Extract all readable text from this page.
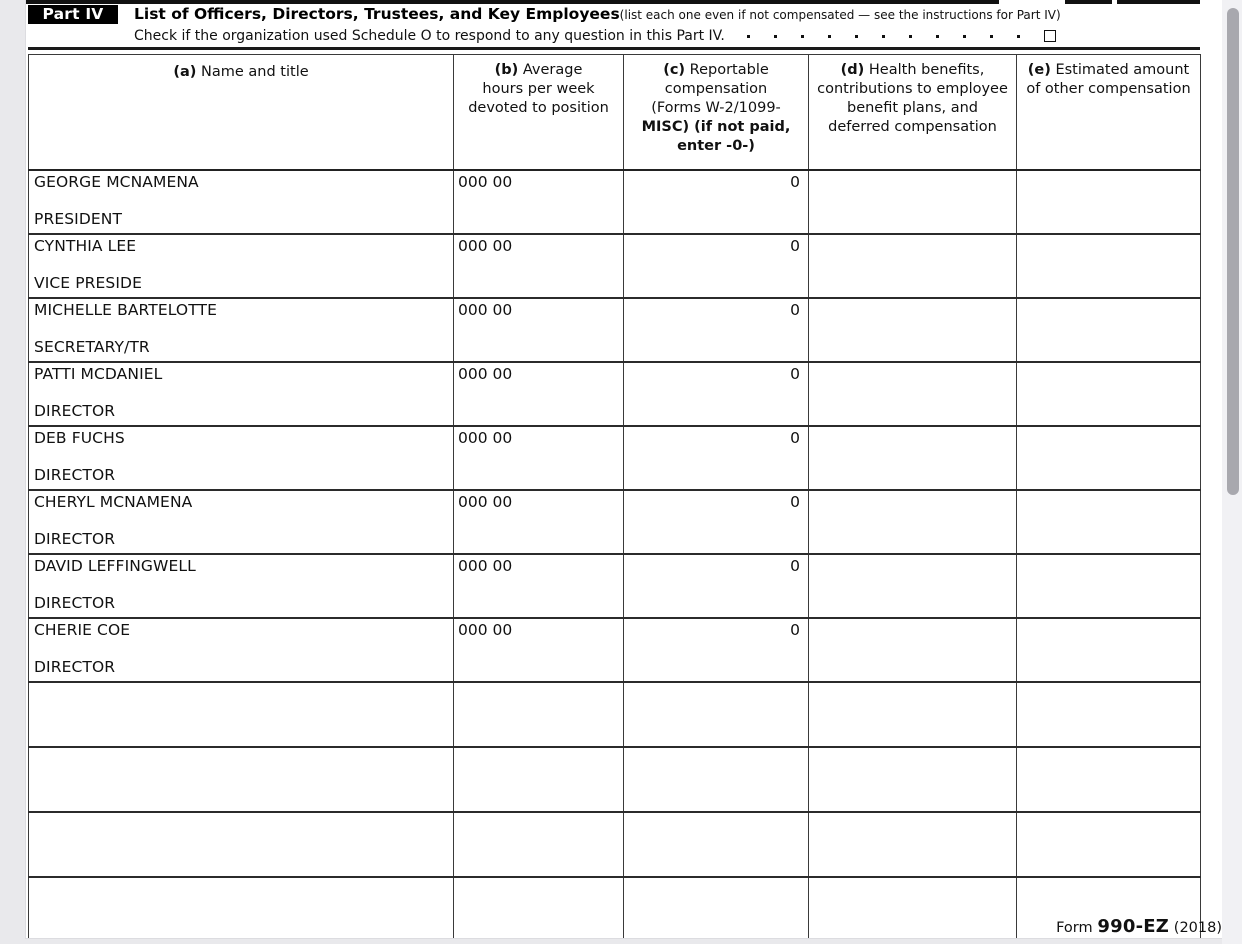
Part IV	List of Officers, Directors, Trustees, and Key Employees(list each one even if not compensated — see the instructions for Part IV)
Check if the organization used Schedule O to respond to any question in this Part IV.
(a) Name and title	(b) Average
hours per week
devoted to position	(c) Reportable
compensation
(Forms W-2/1099-
MISC) (if not paid,
enter -0-)	(d) Health benefits,
contributions to employee
benefit plans, and
deferred compensation	(e) Estimated amount
of other compensation

GEORGE MCNAMENA
PRESIDENT	000 00	0		

CYNTHIA LEE
VICE PRESIDE	000 00	0		

MICHELLE BARTELOTTE
SECRETARY/TR	000 00	0		

PATTI MCDANIEL
DIRECTOR	000 00	0		

DEB FUCHS
DIRECTOR	000 00	0		

CHERYL MCNAMENA
DIRECTOR	000 00	0		

DAVID LEFFINGWELL
DIRECTOR	000 00	0		

CHERIE COE
DIRECTOR	000 00	0		

Form 990-EZ (2018)
